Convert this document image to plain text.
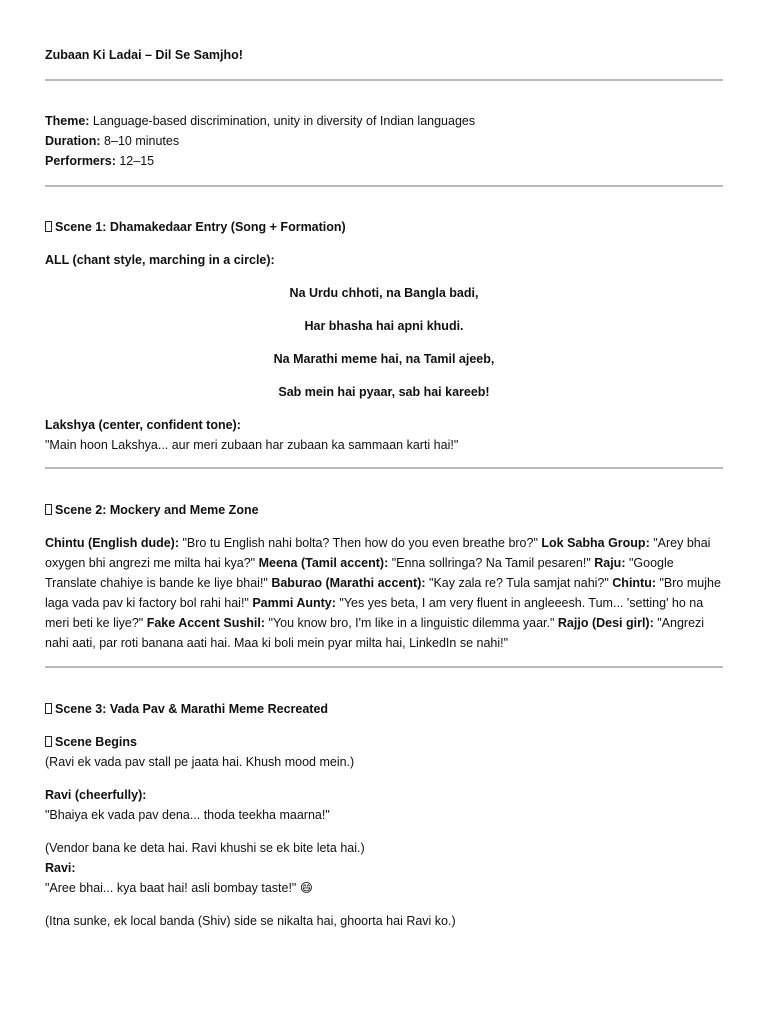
Zubaan Ki Ladai – Dil Se Samjho!

Theme: Language-based discrimination, unity in diversity of Indian languages

Duration: 8–10 minutes

Performers: 12–15

Scene 1: Dhamakedaar Entry (Song + Formation)
ALL (chant style, marching in a circle):
Na Urdu chhoti, na Bangla badi,
Har bhasha hai apni khudi.
Na Marathi meme hai, na Tamil ajeeb,
Sab mein hai pyaar, sab hai kareeb!

Lakshya (center, confident tone):

"Main hoon Lakshya... aur meri zubaan har zubaan ka sammaan karti hai!"

Scene 2: Mockery and Meme Zone

Chintu (English dude): "Bro tu English nahi bolta? Then how do you even breathe bro?" Lok Sabha Group: "Arey bhai oxygen bhi angrezi me milta hai kya?" Meena (Tamil accent): "Enna sollringa? Na Tamil pesaren!" Raju: "Google Translate chahiye is bande ke liye bhai!" Baburao (Marathi accent): "Kay zala re? Tula samjat nahi?" Chintu: "Bro mujhe laga vada pav ki factory bol rahi hai!" Pammi Aunty: "Yes yes beta, I am very fluent in angleeesh. Tum... 'setting' ho na meri beti ke liye?" Fake Accent Sushil: "You know bro, I'm like in a linguistic dilemma yaar." Rajjo (Desi girl): "Angrezi nahi aati, par roti banana aati hai. Maa ki boli mein pyar milta hai, LinkedIn se nahi!"

Scene 3: Vada Pav & Marathi Meme Recreated

Scene Begins

(Ravi ek vada pav stall pe jaata hai. Khush mood mein.)

Ravi (cheerfully):

"Bhaiya ek vada pav dena... thoda teekha maarna!"

(Vendor bana ke deta hai. Ravi khushi se ek bite leta hai.)

Ravi:

"Aree bhai... kya baat hai! asli bombay taste!" 😄

(Itna sunke, ek local banda (Shiv) side se nikalta hai, ghoorta hai Ravi ko.)
